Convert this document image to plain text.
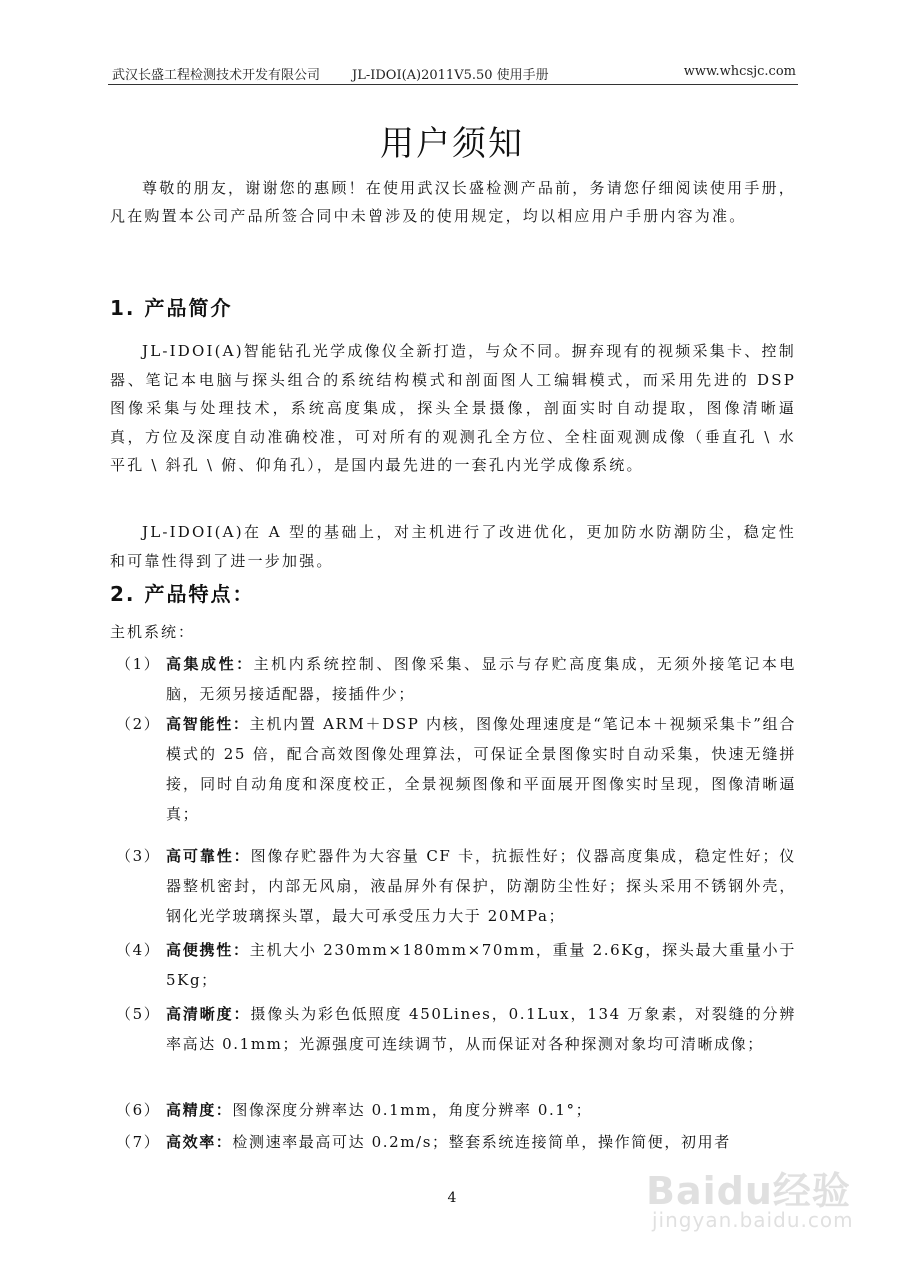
武汉长盛工程检测技术开发有限公司 JL-IDOI(A)2011V5.50 使用手册	www.whcsjc.com
用户须知
尊敬的朋友，谢谢您的惠顾！在使用武汉长盛检测产品前，务请您仔细阅读使用手册，凡在购置本公司产品所签合同中未曾涉及的使用规定，均以相应用户手册内容为准。
1. 产品简介
JL-IDOI(A)智能钻孔光学成像仪全新打造，与众不同。摒弃现有的视频采集卡、控制器、笔记本电脑与探头组合的系统结构模式和剖面图人工编辑模式，而采用先进的 DSP 图像采集与处理技术，系统高度集成，探头全景摄像，剖面实时自动提取，图像清晰逼真，方位及深度自动准确校准，可对所有的观测孔全方位、全柱面观测成像（垂直孔 \ 水平孔 \ 斜孔 \ 俯、仰角孔），是国内最先进的一套孔内光学成像系统。
JL-IDOI(A)在 A 型的基础上，对主机进行了改进优化，更加防水防潮防尘，稳定性和可靠性得到了进一步加强。
2. 产品特点：
主机系统：
（1） 高集成性：主机内系统控制、图像采集、显示与存贮高度集成，无须外接笔记本电脑，无须另接适配器，接插件少；
（2） 高智能性：主机内置 ARM＋DSP 内核，图像处理速度是“笔记本＋视频采集卡”组合模式的 25 倍，配合高效图像处理算法，可保证全景图像实时自动采集，快速无缝拼接，同时自动角度和深度校正，全景视频图像和平面展开图像实时呈现，图像清晰逼真；
（3） 高可靠性：图像存贮器件为大容量 CF 卡，抗振性好；仪器高度集成，稳定性好；仪器整机密封，内部无风扇，液晶屏外有保护，防潮防尘性好；探头采用不锈钢外壳，钢化光学玻璃探头罩，最大可承受压力大于 20MPa；
（4） 高便携性：主机大小 230mm×180mm×70mm，重量 2.6Kg，探头最大重量小于 5Kg；
（5） 高清晰度：摄像头为彩色低照度 450Lines，0.1Lux，134 万象素，对裂缝的分辨率高达 0.1mm；光源强度可连续调节，从而保证对各种探测对象均可清晰成像；
（6） 高精度：图像深度分辨率达 0.1mm，角度分辨率 0.1°；
（7） 高效率：检测速率最高可达 0.2m/s；整套系统连接简单，操作简便，初用者
4	Baidu经验
jingyan.baidu.com
